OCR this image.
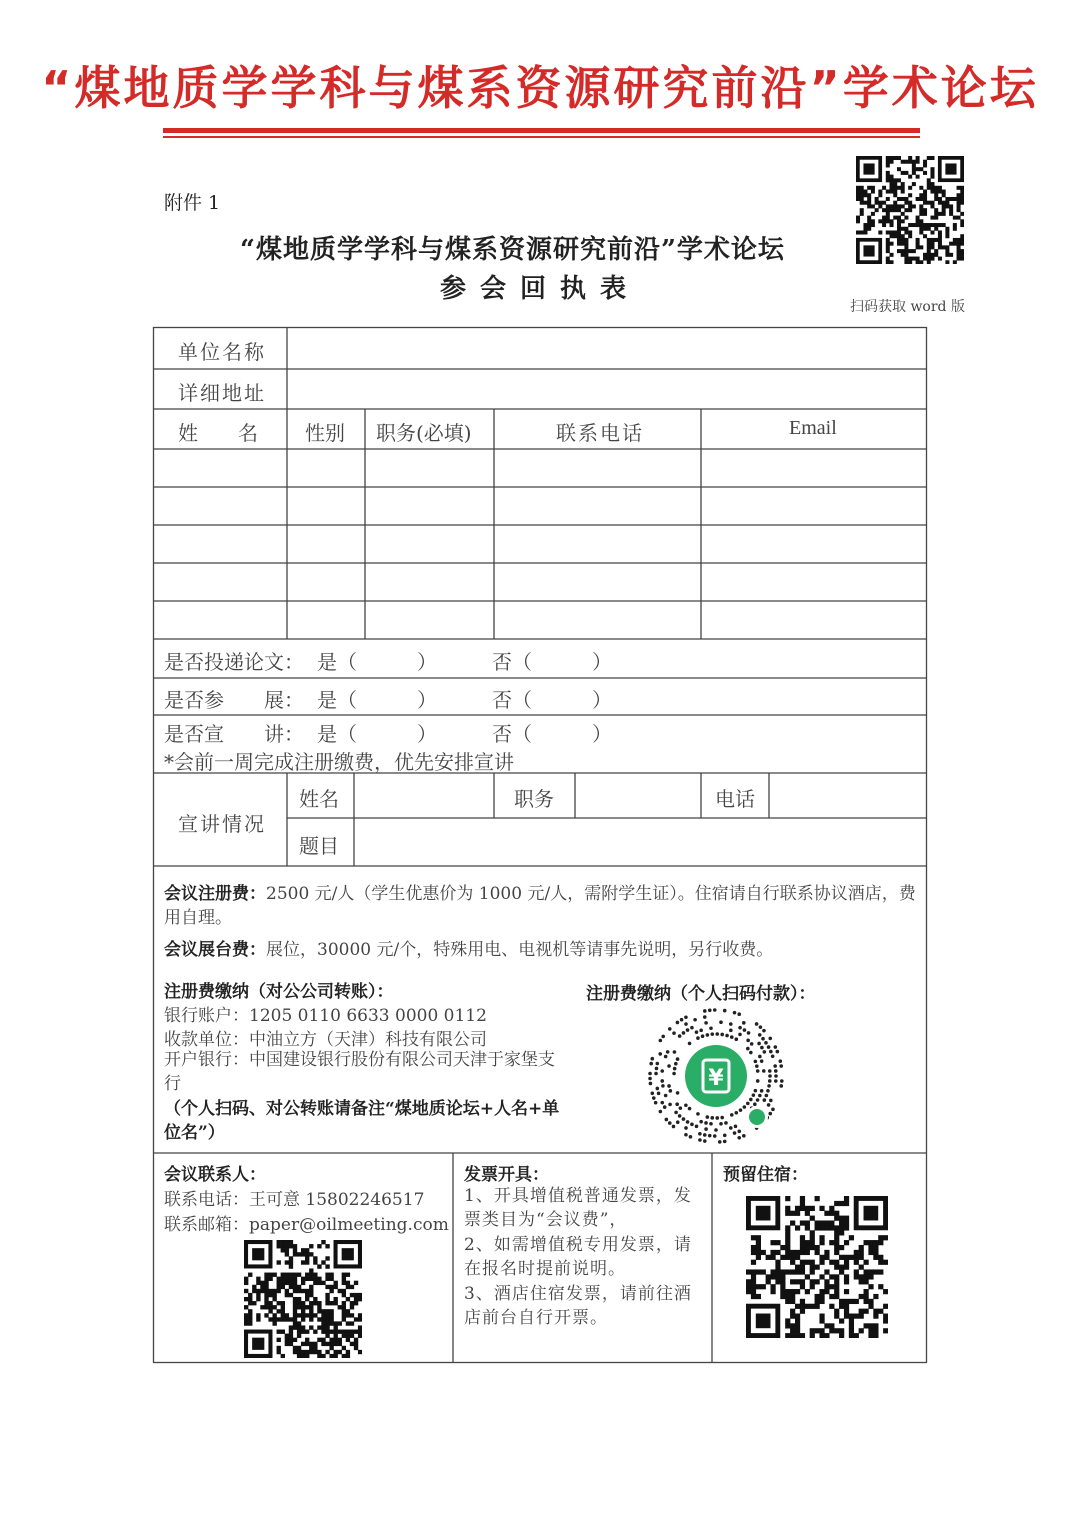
“煤地质学学科与煤系资源研究前沿”学术论坛
附件 1
“煤地质学学科与煤系资源研究前沿”学术论坛
参会回执表
扫码获取 word 版
单位名称
详细地址
姓　　名 性别 职务(必填)	联系电话	Email
是否投递论文： 是（　　　）	否（　　　）
是否参　　展： 是（　　　）	否（　　　）
是否宣　　讲： 是（　　　）	否（　　　）
*会前一周完成注册缴费，优先安排宣讲
宣讲情况
姓名	职务	电话
题目
会议注册费：2500 元/人（学生优惠价为 1000 元/人，需附学生证）。住宿请自行联系协议酒店，费用自理。
会议展台费：展位，30000 元/个，特殊用电、电视机等请事先说明，另行收费。
注册费缴纳（对公公司转账）：
银行账户：1205 0110 6633 0000 0112
收款单位：中油立方（天津）科技有限公司
开户银行：中国建设银行股份有限公司天津于家堡支行
（个人扫码、对公转账请备注“煤地质论坛+人名+单位名”）
注册费缴纳（个人扫码付款）：
¥
会议联系人：
联系电话：王可意 15802246517
联系邮箱：paper@oilmeeting.com
发票开具：
1、开具增值税普通发票，发票类目为“会议费”，
2、如需增值税专用发票，请在报名时提前说明。
3、酒店住宿发票，请前往酒店前台自行开票。
预留住宿：
